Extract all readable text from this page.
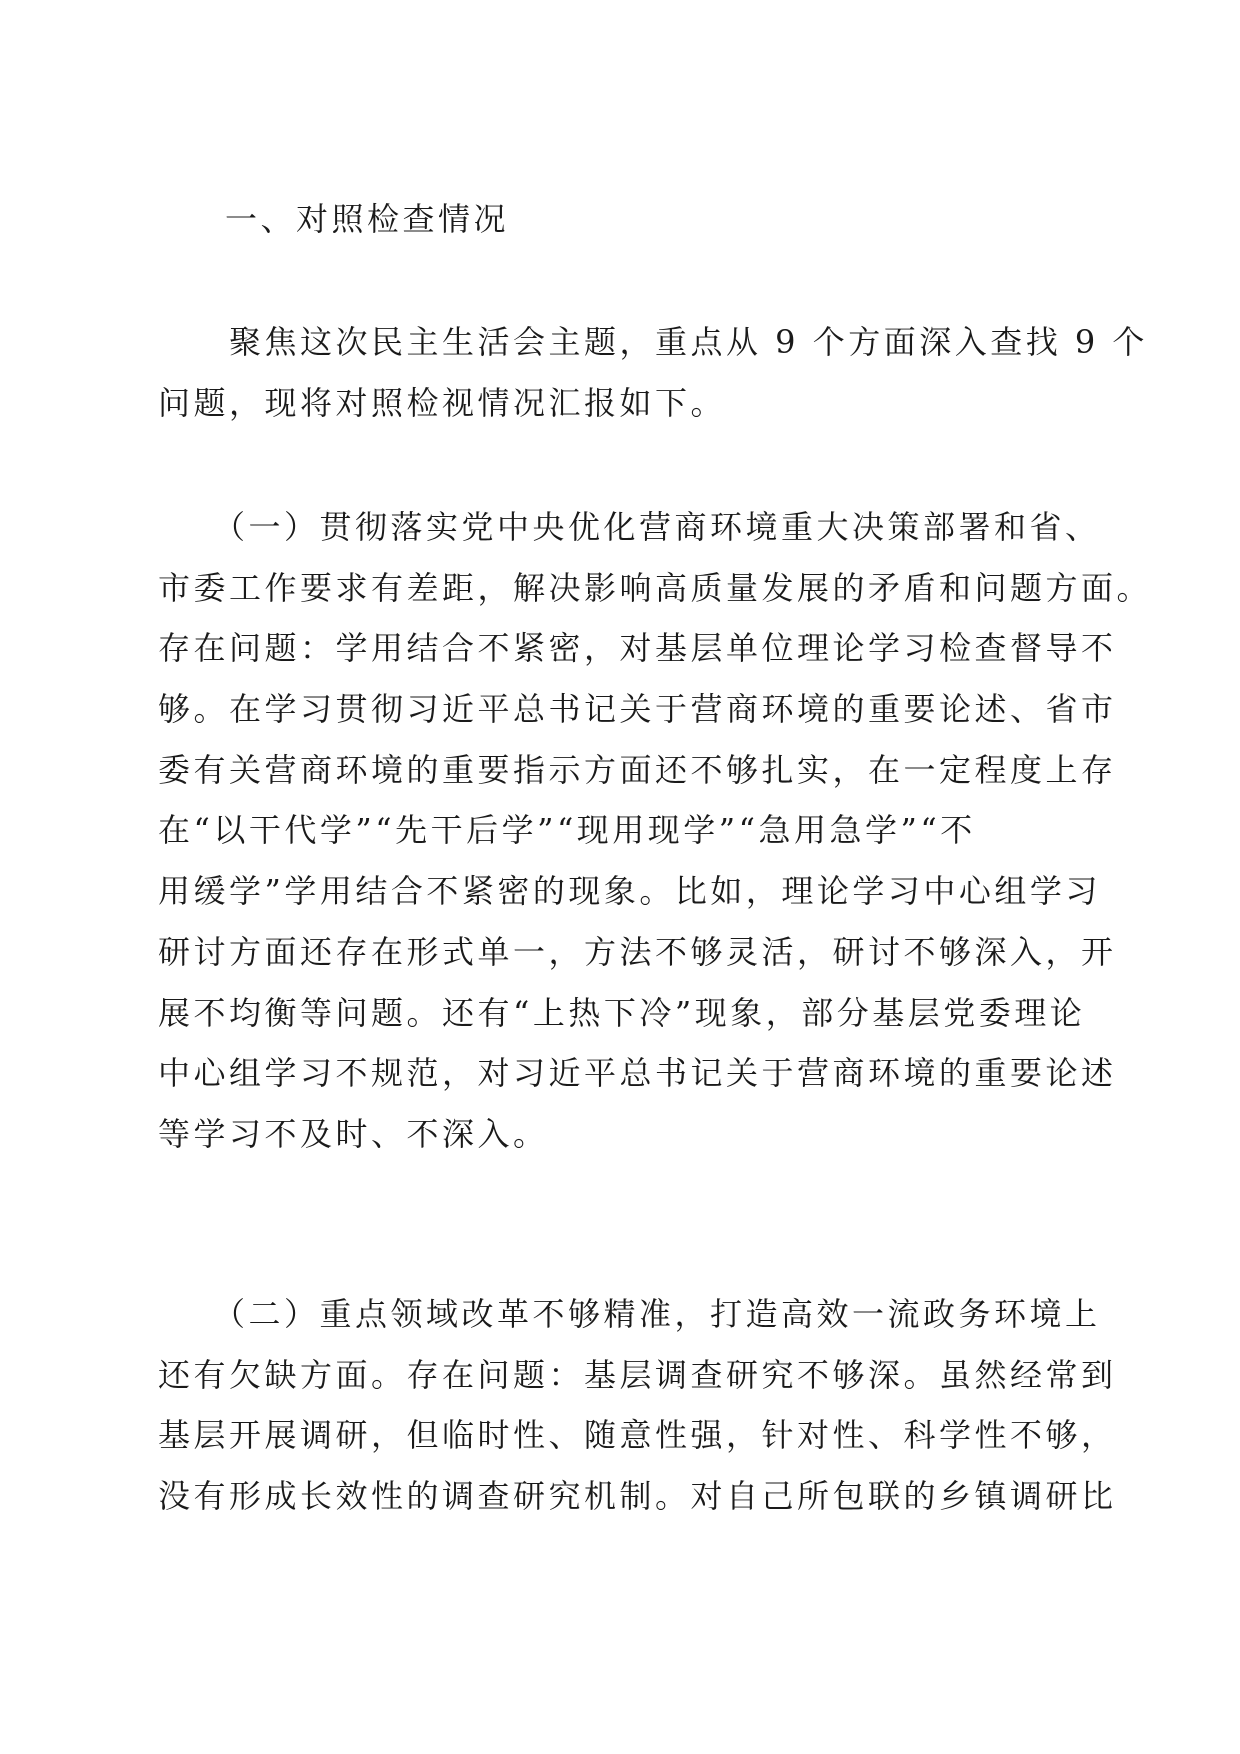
一、对照检查情况
　　聚焦这次民主生活会主题，重点从 9 个方面深入查找 9 个
问题，现将对照检视情况汇报如下。
　　（一）贯彻落实党中央优化营商环境重大决策部署和省、
市委工作要求有差距，解决影响高质量发展的矛盾和问题方面。
存在问题：学用结合不紧密，对基层单位理论学习检查督导不
够。在学习贯彻习近平总书记关于营商环境的重要论述、省市
委有关营商环境的重要指示方面还不够扎实，在一定程度上存
在“以干代学”“先干后学”“现用现学”“急用急学”“不
用缓学”学用结合不紧密的现象。比如，理论学习中心组学习
研讨方面还存在形式单一，方法不够灵活，研讨不够深入，开
展不均衡等问题。还有“上热下冷”现象，部分基层党委理论
中心组学习不规范，对习近平总书记关于营商环境的重要论述
等学习不及时、不深入。
　　（二）重点领域改革不够精准，打造高效一流政务环境上
还有欠缺方面。存在问题：基层调查研究不够深。虽然经常到
基层开展调研，但临时性、随意性强，针对性、科学性不够，
没有形成长效性的调查研究机制。对自己所包联的乡镇调研比
